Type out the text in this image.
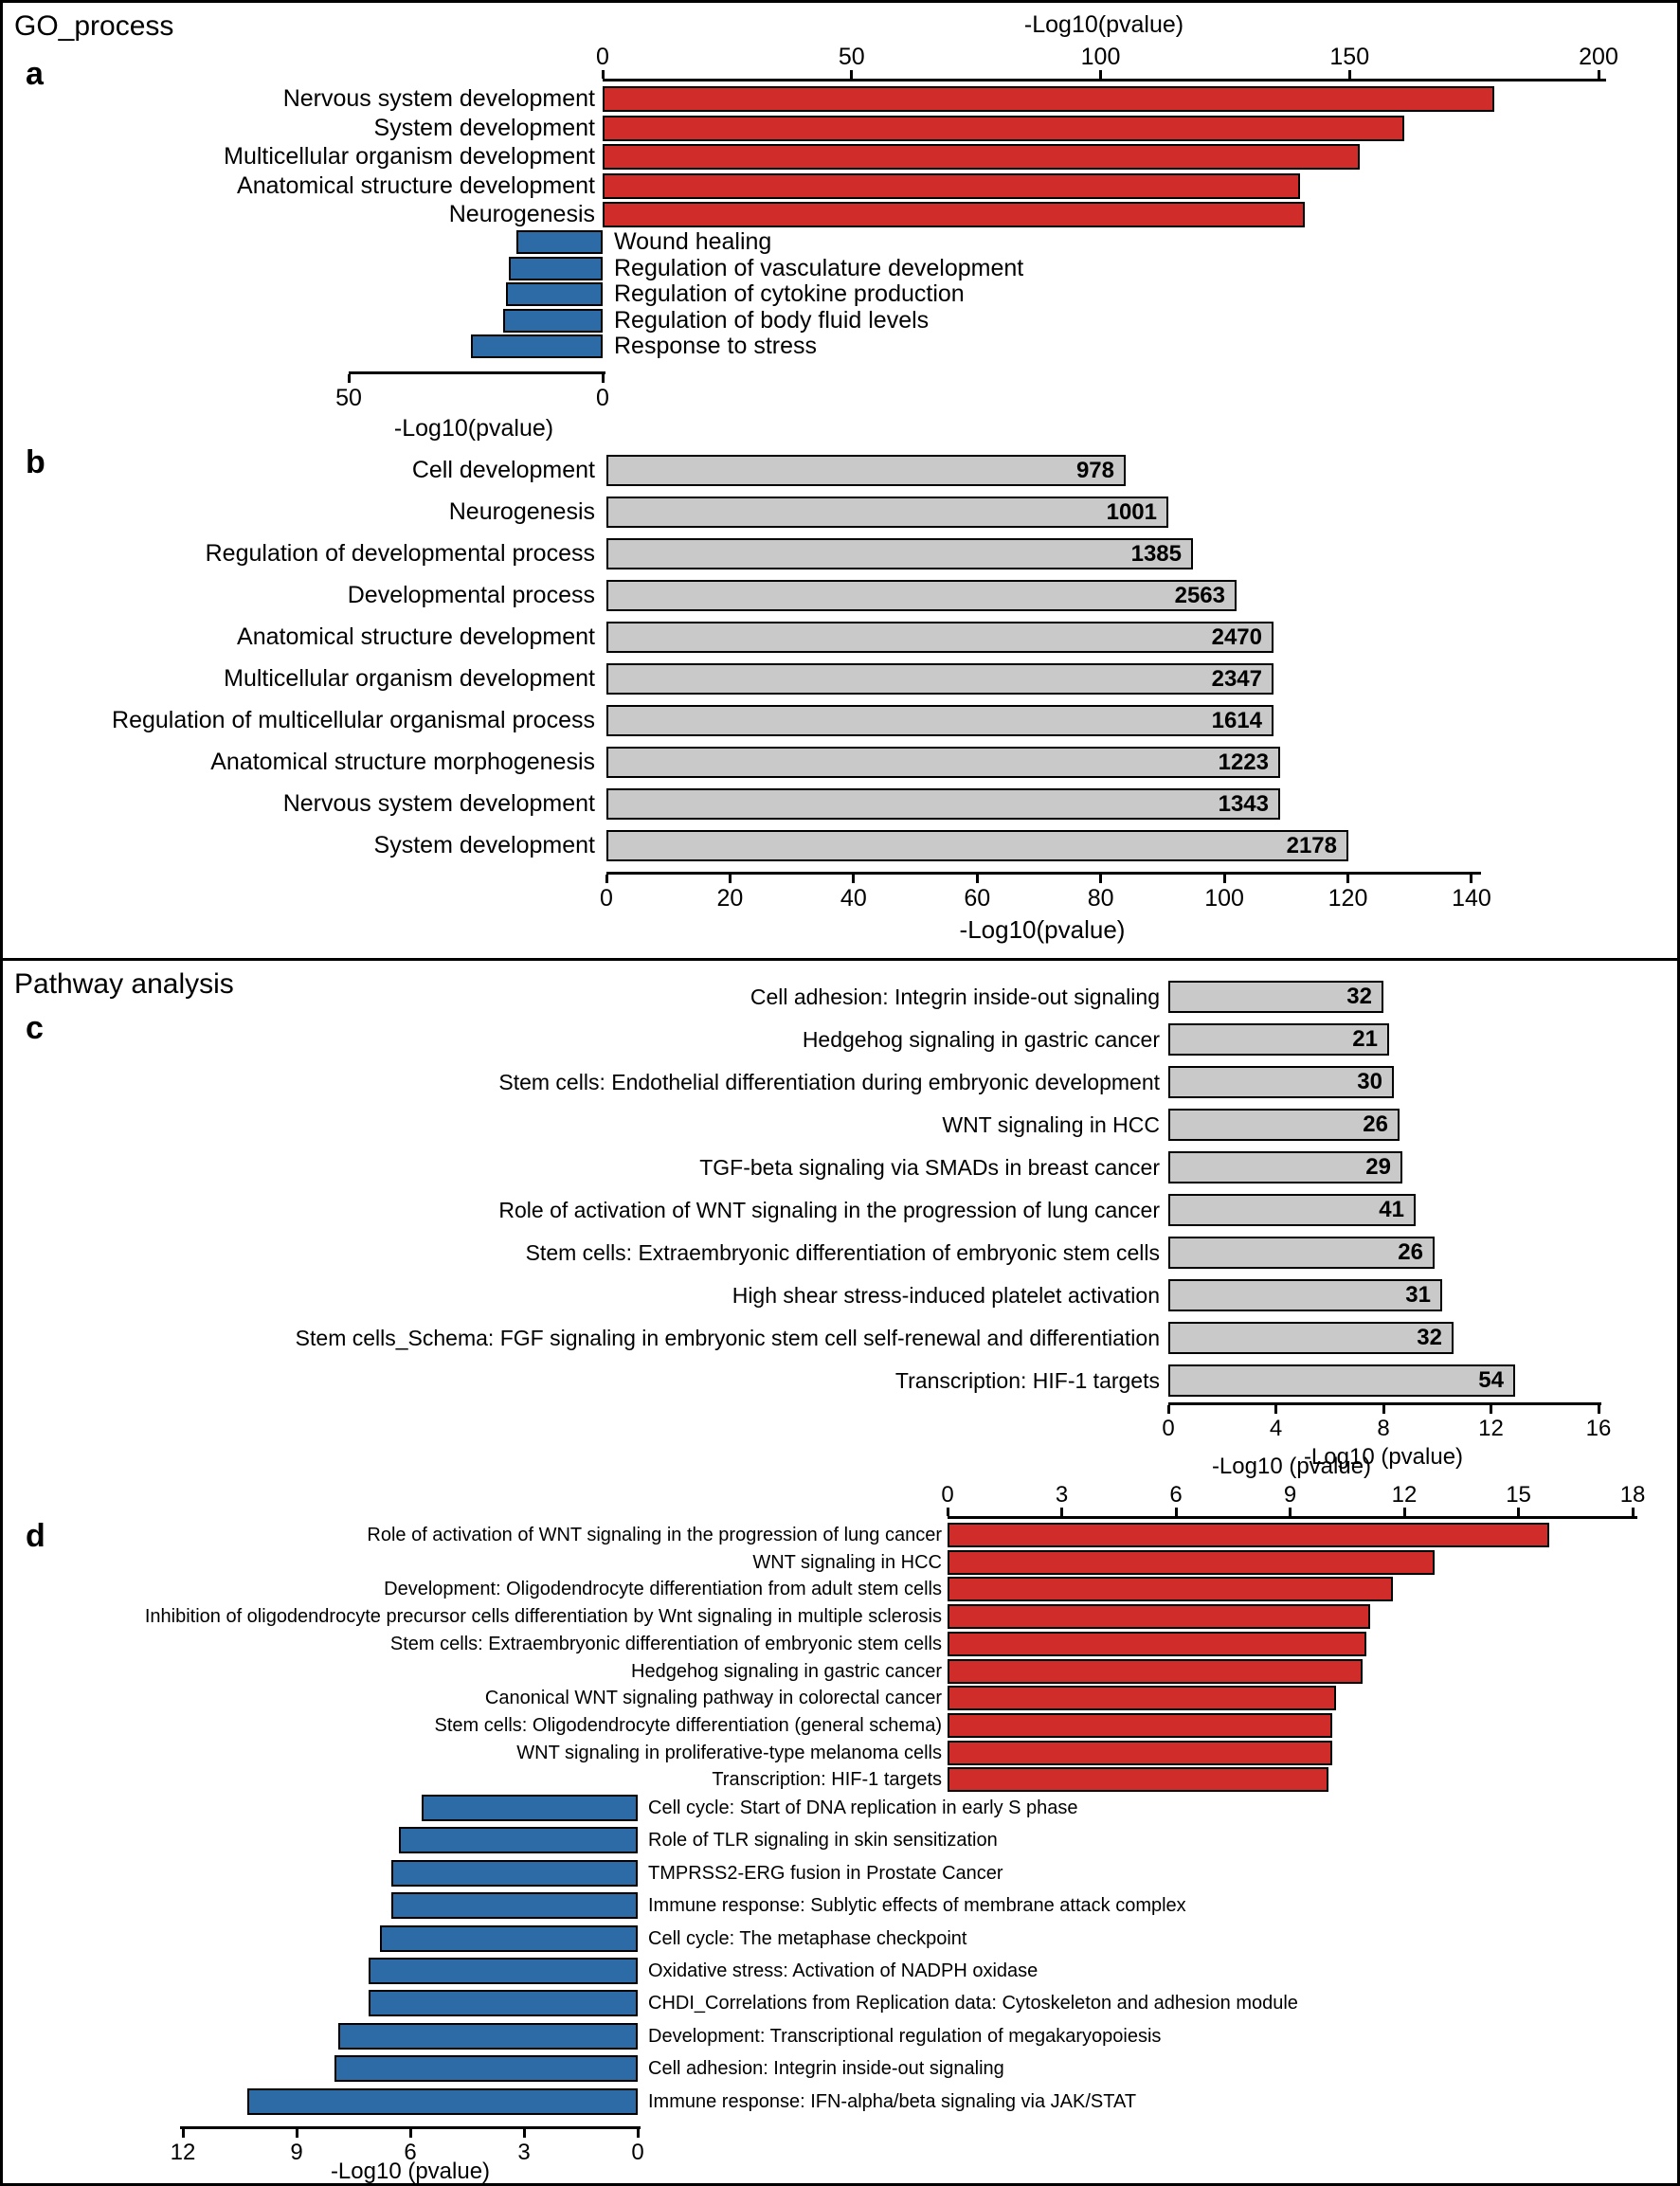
GO_process
a
b
Pathway analysis
c
d
0	50	100	150	200
-Log10(pvalue)
Nervous system development
System development
Multicellular organism development
Anatomical structure development
Neurogenesis
Wound healing
Regulation of vasculature development
Regulation of cytokine production
Regulation of body fluid levels
Response to stress
50	0
-Log10(pvalue)
Cell development	978
Neurogenesis	1001
Regulation of developmental process	1385
Developmental process	2563
Anatomical structure development	2470
Multicellular organism development	2347
Regulation of multicellular organismal process	1614
Anatomical structure morphogenesis	1223
Nervous system development	1343
System development	2178
0	20	40	60	80	100	120	140
-Log10(pvalue)
Cell adhesion: Integrin inside-out signaling	32
Hedgehog signaling in gastric cancer	21
Stem cells: Endothelial differentiation during embryonic development	30
WNT signaling in HCC	26
TGF-beta signaling via SMADs in breast cancer	29
Role of activation of WNT signaling in the progression of lung cancer	41
Stem cells: Extraembryonic differentiation of embryonic stem cells	26
High shear stress-induced platelet activation	31
Stem cells_Schema: FGF signaling in embryonic stem cell self-renewal and differentiation	32
Transcription: HIF-1 targets	54
0	4	8	12	16
-Log10 (pvalue)
0	3	6	9	12	15	18
-Log10 (pvalue)
Role of activation of WNT signaling in the progression of lung cancer
WNT signaling in HCC
Development: Oligodendrocyte differentiation from adult stem cells
Inhibition of oligodendrocyte precursor cells differentiation by Wnt signaling in multiple sclerosis
Stem cells: Extraembryonic differentiation of embryonic stem cells
Hedgehog signaling in gastric cancer
Canonical WNT signaling pathway in colorectal cancer
Stem cells: Oligodendrocyte differentiation (general schema)
WNT signaling in proliferative-type melanoma cells
Transcription: HIF-1 targets
Cell cycle: Start of DNA replication in early S phase
Role of TLR signaling in skin sensitization
TMPRSS2-ERG fusion in Prostate Cancer
Immune response: Sublytic effects of membrane attack complex
Cell cycle: The metaphase checkpoint
Oxidative stress: Activation of NADPH oxidase
CHDI_Correlations from Replication data: Cytoskeleton and adhesion module
Development: Transcriptional regulation of megakaryopoiesis
Cell adhesion: Integrin inside-out signaling
Immune response: IFN-alpha/beta signaling via JAK/STAT
12	9	6	3	0
-Log10 (pvalue)
